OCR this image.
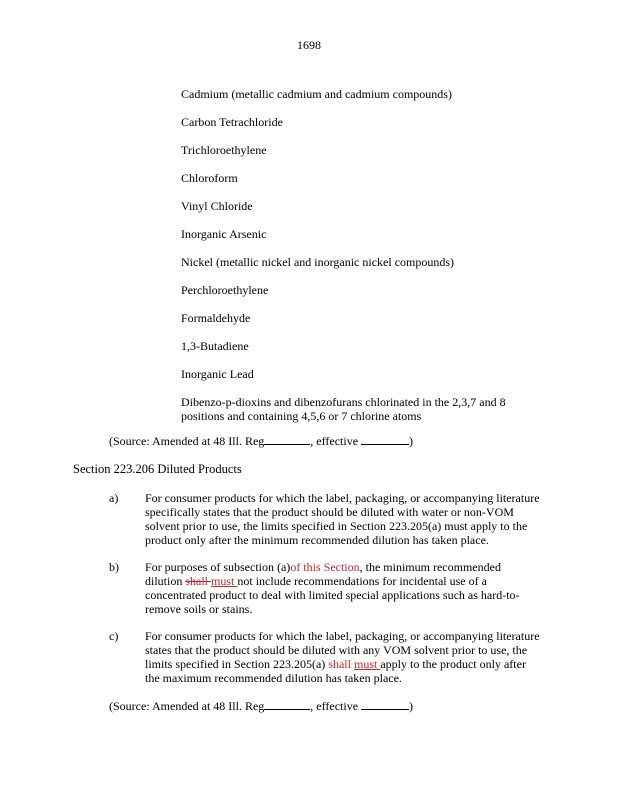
1698
Cadmium (metallic cadmium and cadmium compounds)
Carbon Tetrachloride
Trichloroethylene
Chloroform
Vinyl Chloride
Inorganic Arsenic
Nickel (metallic nickel and inorganic nickel compounds)
Perchloroethylene
Formaldehyde
1,3-Butadiene
Inorganic Lead
Dibenzo-p-dioxins and dibenzofurans chlorinated in the 2,3,7 and 8 positions and containing 4,5,6 or 7 chlorine atoms
(Source: Amended at 48 Ill. Reg	, effective	)
Section 223.206 Diluted Products
a) For consumer products for which the label, packaging, or accompanying literature specifically states that the product should be diluted with water or non-VOM solvent prior to use, the limits specified in Section 223.205(a) must apply to the product only after the minimum recommended dilution has taken place.
b) For purposes of subsection (a)of this Section, the minimum recommended dilution shall must not include recommendations for incidental use of a concentrated product to deal with limited special applications such as hard-to-remove soils or stains.
c) For consumer products for which the label, packaging, or accompanying literature states that the product should be diluted with any VOM solvent prior to use, the limits specified in Section 223.205(a) shall must apply to the product only after the maximum recommended dilution has taken place.
(Source: Amended at 48 Ill. Reg	, effective	)
